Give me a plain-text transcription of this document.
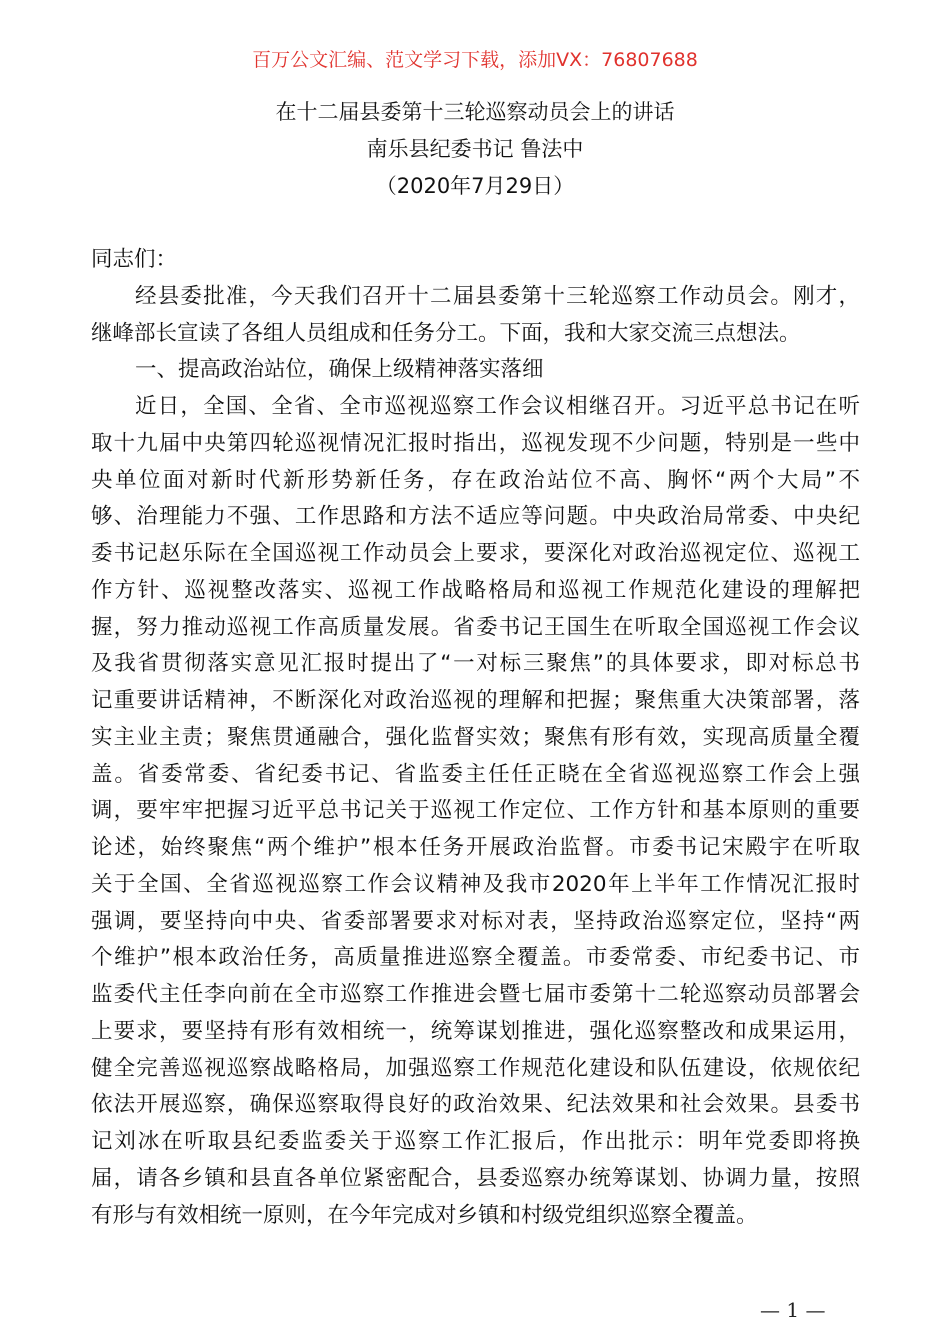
百万公文汇编、范文学习下载，添加VX：76807688
在十二届县委第十三轮巡察动员会上的讲话
南乐县纪委书记 鲁法中
（2020年7月29日）
同志们：
经县委批准，今天我们召开十二届县委第十三轮巡察工作动员会。刚才，
继峰部长宣读了各组人员组成和任务分工。下面，我和大家交流三点想法。
一、提高政治站位，确保上级精神落实落细
近日，全国、全省、全市巡视巡察工作会议相继召开。习近平总书记在听
取十九届中央第四轮巡视情况汇报时指出，巡视发现不少问题，特别是一些中
央单位面对新时代新形势新任务，存在政治站位不高、胸怀“两个大局”不
够、治理能力不强、工作思路和方法不适应等问题。中央政治局常委、中央纪
委书记赵乐际在全国巡视工作动员会上要求，要深化对政治巡视定位、巡视工
作方针、巡视整改落实、巡视工作战略格局和巡视工作规范化建设的理解把
握，努力推动巡视工作高质量发展。省委书记王国生在听取全国巡视工作会议
及我省贯彻落实意见汇报时提出了“一对标三聚焦”的具体要求，即对标总书
记重要讲话精神，不断深化对政治巡视的理解和把握；聚焦重大决策部署，落
实主业主责；聚焦贯通融合，强化监督实效；聚焦有形有效，实现高质量全覆
盖。省委常委、省纪委书记、省监委主任任正晓在全省巡视巡察工作会上强
调，要牢牢把握习近平总书记关于巡视工作定位、工作方针和基本原则的重要
论述，始终聚焦“两个维护”根本任务开展政治监督。市委书记宋殿宇在听取
关于全国、全省巡视巡察工作会议精神及我市2020年上半年工作情况汇报时
强调，要坚持向中央、省委部署要求对标对表，坚持政治巡察定位，坚持“两
个维护”根本政治任务，高质量推进巡察全覆盖。市委常委、市纪委书记、市
监委代主任李向前在全市巡察工作推进会暨七届市委第十二轮巡察动员部署会
上要求，要坚持有形有效相统一，统筹谋划推进，强化巡察整改和成果运用，
健全完善巡视巡察战略格局，加强巡察工作规范化建设和队伍建设，依规依纪
依法开展巡察，确保巡察取得良好的政治效果、纪法效果和社会效果。县委书
记刘冰在听取县纪委监委关于巡察工作汇报后，作出批示：明年党委即将换
届，请各乡镇和县直各单位紧密配合，县委巡察办统筹谋划、协调力量，按照
有形与有效相统一原则，在今年完成对乡镇和村级党组织巡察全覆盖。
— 1 —
